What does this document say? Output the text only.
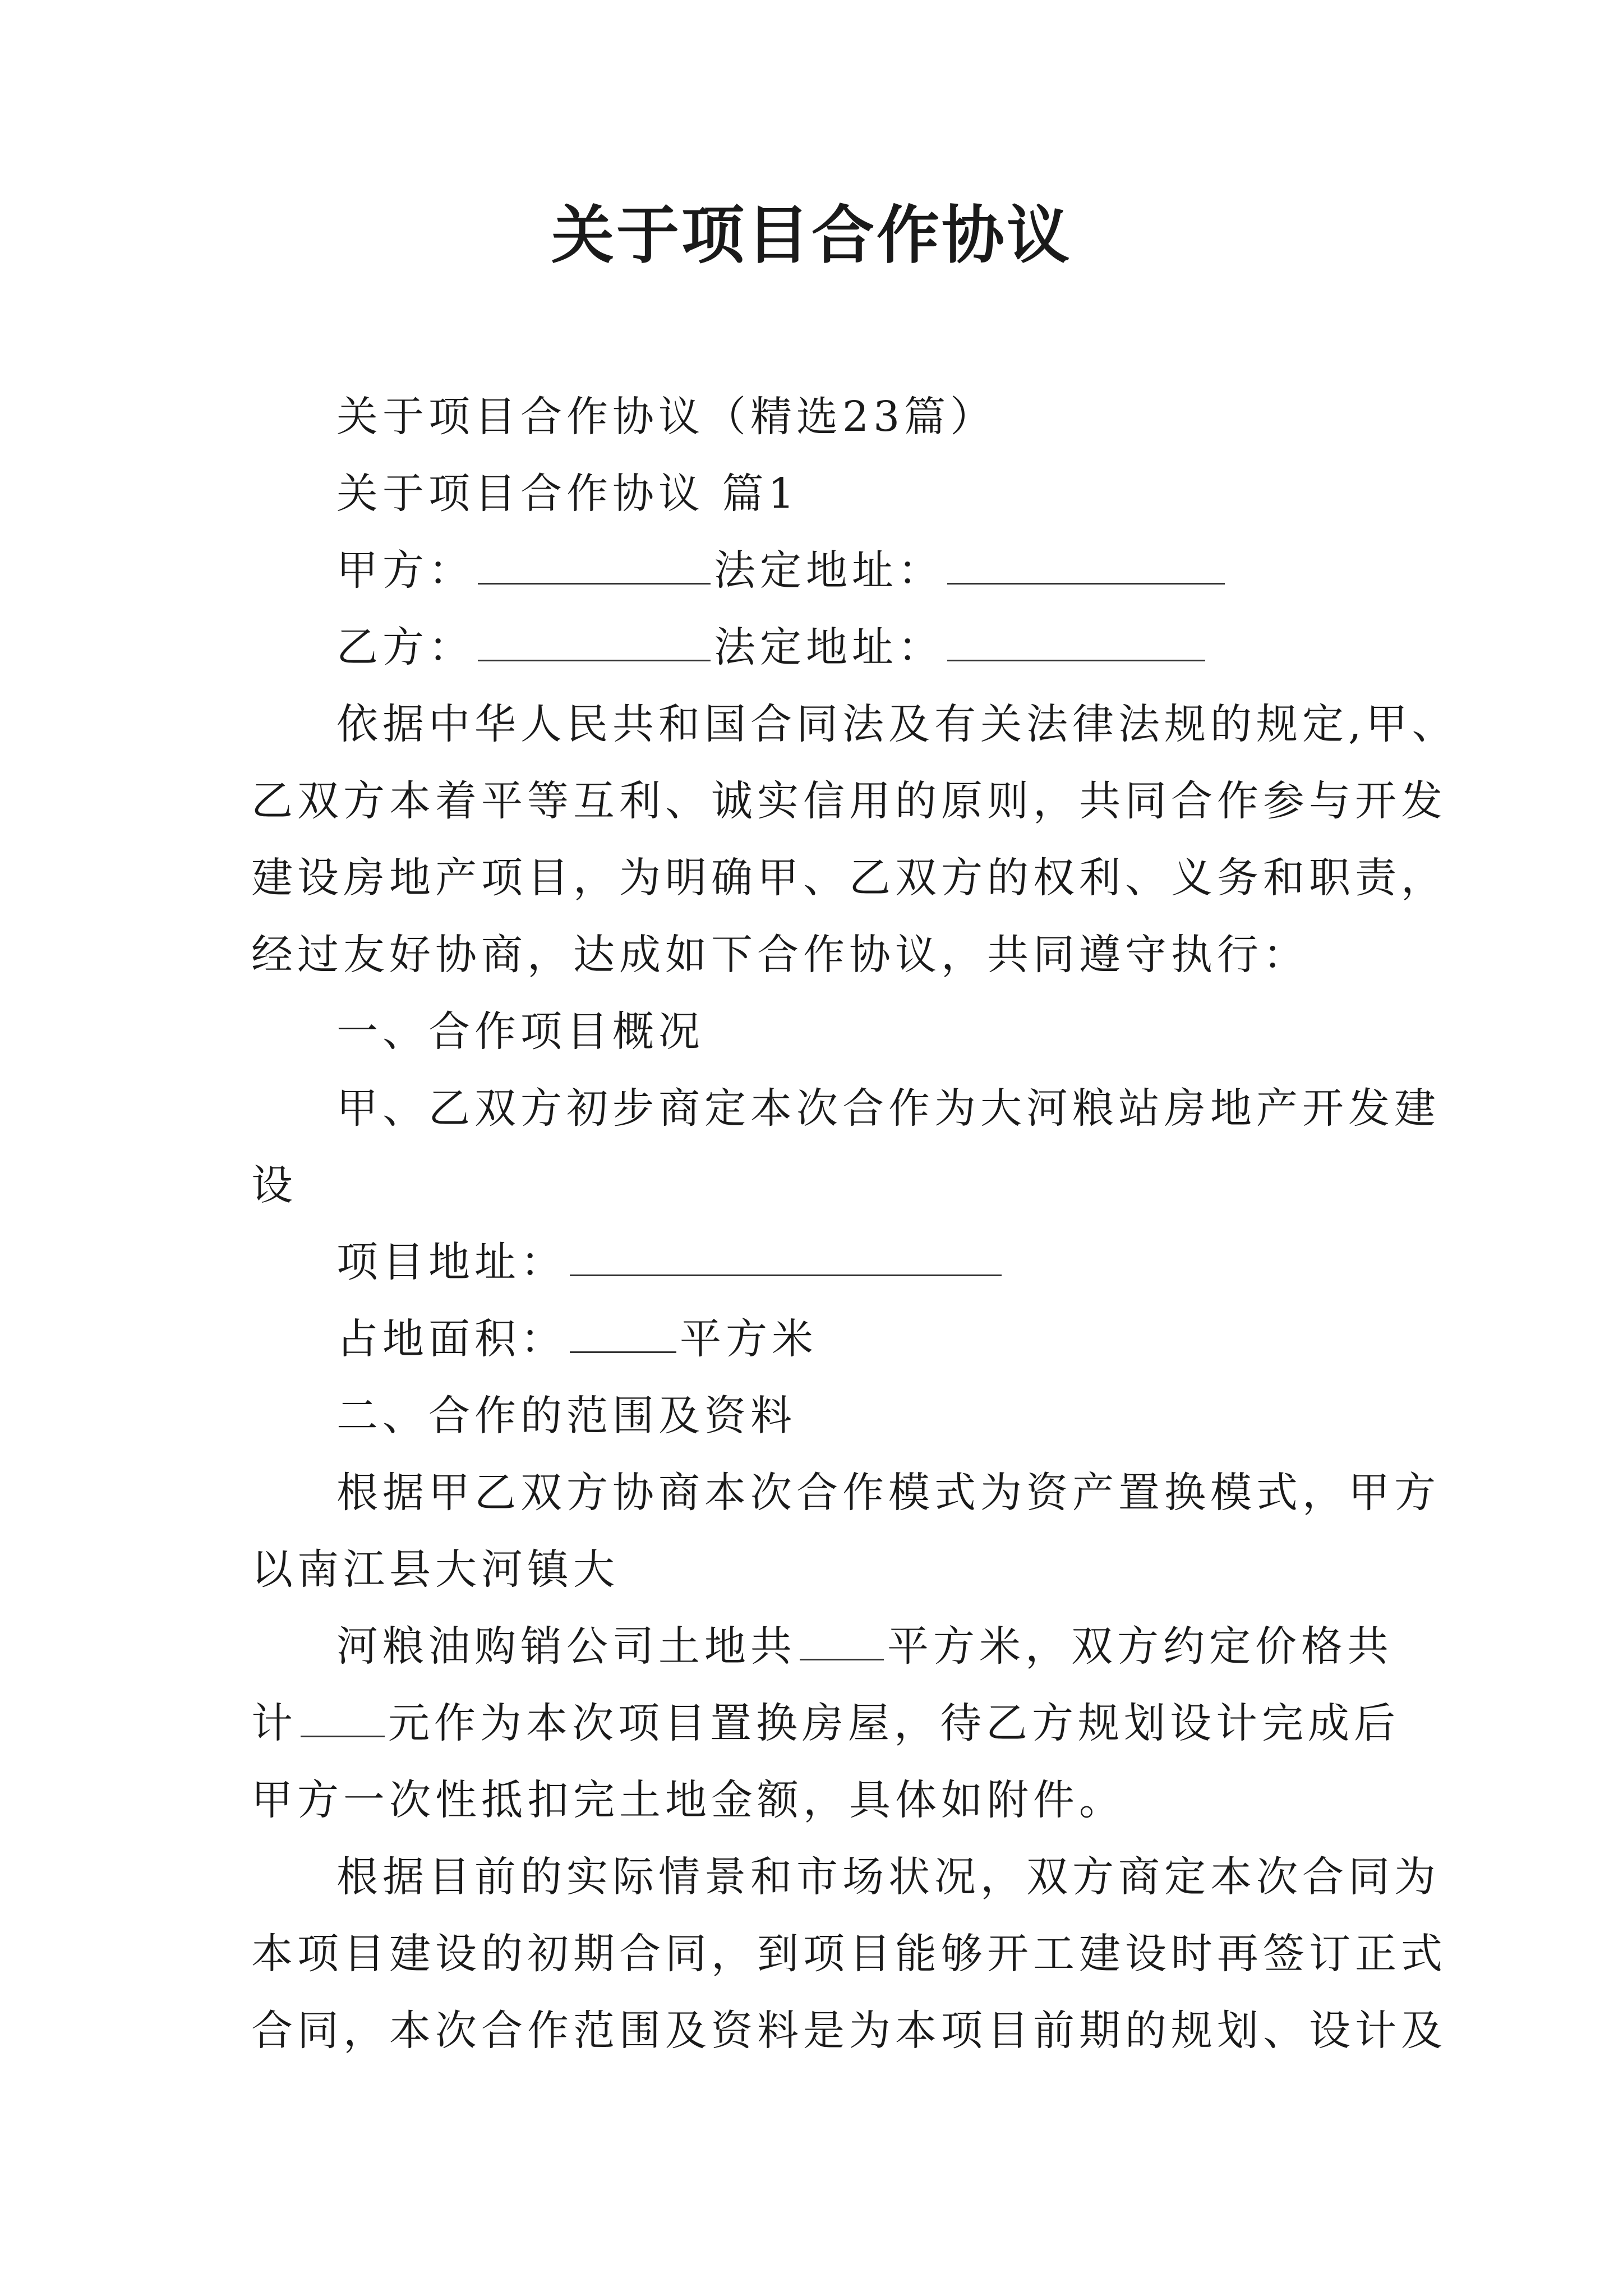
关于项目合作协议
关于项目合作协议（精选23篇）
关于项目合作协议 篇1
甲方：	法定地址：
乙方：	法定地址：
依据中华人民共和国合同法及有关法律法规的规定,甲、
乙双方本着平等互利、诚实信用的原则，共同合作参与开发
建设房地产项目，为明确甲、乙双方的权利、义务和职责，
经过友好协商，达成如下合作协议，共同遵守执行：
一、合作项目概况
甲、乙双方初步商定本次合作为大河粮站房地产开发建
设
项目地址：
占地面积：	平方米
二、合作的范围及资料
根据甲乙双方协商本次合作模式为资产置换模式，甲方
以南江县大河镇大
河粮油购销公司土地共 平方米，双方约定价格共
计 元作为本次项目置换房屋，待乙方规划设计完成后
甲方一次性抵扣完土地金额，具体如附件。
根据目前的实际情景和市场状况，双方商定本次合同为
本项目建设的初期合同，到项目能够开工建设时再签订正式
合同，本次合作范围及资料是为本项目前期的规划、设计及
